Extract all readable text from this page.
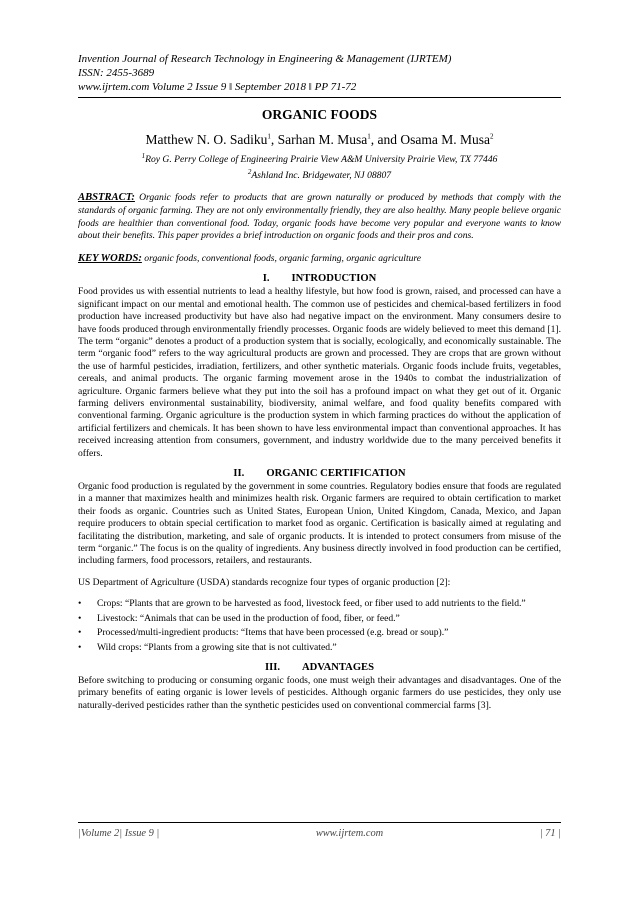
Invention Journal of Research Technology in Engineering & Management (IJRTEM)
ISSN: 2455-3689
www.ijrtem.com Volume 2 Issue 9 ǁ September 2018 ǁ PP 71-72
ORGANIC FOODS
Matthew N. O. Sadiku$^1$, Sarhan M. Musa$^1$, and Osama M. Musa$^2$
$^1$Roy G. Perry College of Engineering Prairie View A&M University Prairie View, TX 77446
$^2$Ashland Inc. Bridgewater, NJ 08807
ABSTRACT: Organic foods refer to products that are grown naturally or produced by methods that comply with the standards of organic farming. They are not only environmentally friendly, they are also healthy. Many people believe organic foods are healthier than conventional food. Today, organic foods have become very popular and everyone wants to know about their benefits. This paper provides a brief introduction on organic foods and their pros and cons.
KEY WORDS: organic foods, conventional foods, organic farming, organic agriculture
I. INTRODUCTION

Food provides us with essential nutrients to lead a healthy lifestyle, but how food is grown, raised, and processed can have a significant impact on our mental and emotional health. The common use of pesticides and chemical-based fertilizers in food production have increased productivity but have also had negative impact on the environment. Many consumers desire to have foods produced through environmentally friendly processes. Organic foods are widely believed to meet this demand [1]. The term “organic” denotes a product of a production system that is socially, ecologically, and economically sustainable. The term “organic food” refers to the way agricultural products are grown and processed. They are crops that are grown without the use of harmful pesticides, irradiation, fertilizers, and other synthetic materials. Organic foods include fruits, vegetables, cereals, and animal products. The organic farming movement arose in the 1940s to combat the industrialization of agriculture. Organic farmers believe what they put into the soil has a profound impact on what they get out of it. Organic farming delivers environmental sustainability, biodiversity, animal welfare, and food quality benefits compared with conventional farming. Organic agriculture is the production system in which farming practices do without the application of artificial fertilizers and chemicals. It has been shown to have less environmental impact than conventional approaches. It has received increasing attention from consumers, government, and industry worldwide due to the many perceived benefits it offers.

II. ORGANIC CERTIFICATION

Organic food production is regulated by the government in some countries. Regulatory bodies ensure that foods are regulated in a manner that maximizes health and minimizes health risk. Organic farmers are required to obtain certification to market their foods as organic. Countries such as United States, European Union, United Kingdom, Canada, Mexico, and Japan require producers to obtain special certification to market food as organic. Certification is basically aimed at regulating and facilitating the distribution, marketing, and sale of organic products. It is intended to protect consumers from misuse of the term “organic.” The focus is on the quality of ingredients. Any business directly involved in food production can be certified, including farmers, food processors, retailers, and restaurants.

US Department of Agriculture (USDA) standards recognize four types of organic production [2]:

• Crops: “Plants that are grown to be harvested as food, livestock feed, or fiber used to add nutrients to the field.”
• Livestock: “Animals that can be used in the production of food, fiber, or feed.”
• Processed/multi-ingredient products: “Items that have been processed (e.g. bread or soup).”
• Wild crops: “Plants from a growing site that is not cultivated.”
III. ADVANTAGES

Before switching to producing or consuming organic foods, one must weigh their advantages and disadvantages. One of the primary benefits of eating organic is lower levels of pesticides. Although organic farmers do use pesticides, they only use naturally-derived pesticides rather than the synthetic pesticides used on conventional commercial farms [3].

|Volume 2| Issue 9 |	www.ijrtem.com	| 71 |
